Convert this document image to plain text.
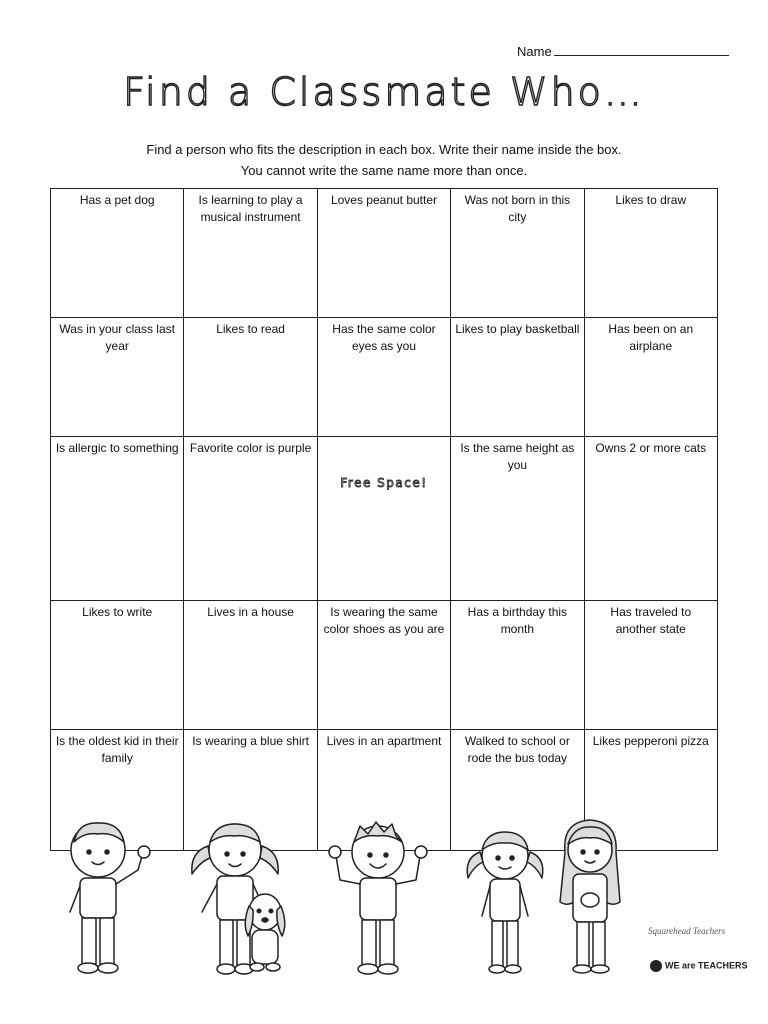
Name
Find a Classmate Who…
Find a person who fits the description in each box. Write their name inside the box.
You cannot write the same name more than once.
Has a pet dog	Is learning to play a musical instrument	Loves peanut butter	Was not born in this city	Likes to draw
Was in your class last year	Likes to read	Has the same color eyes as you	Likes to play basketball	Has been on an airplane
Is allergic to something	Favorite color is purple	Free Space!	Is the same height as you	Owns 2 or more cats
Likes to write	Lives in a house	Is wearing the same color shoes as you are	Has a birthday this month	Has traveled to another state
Is the oldest kid in their family	Is wearing a blue shirt	Lives in an apartment	Walked to school or rode the bus today	Likes pepperoni pizza
Squarehead Teachers
WE are TEACHERS
